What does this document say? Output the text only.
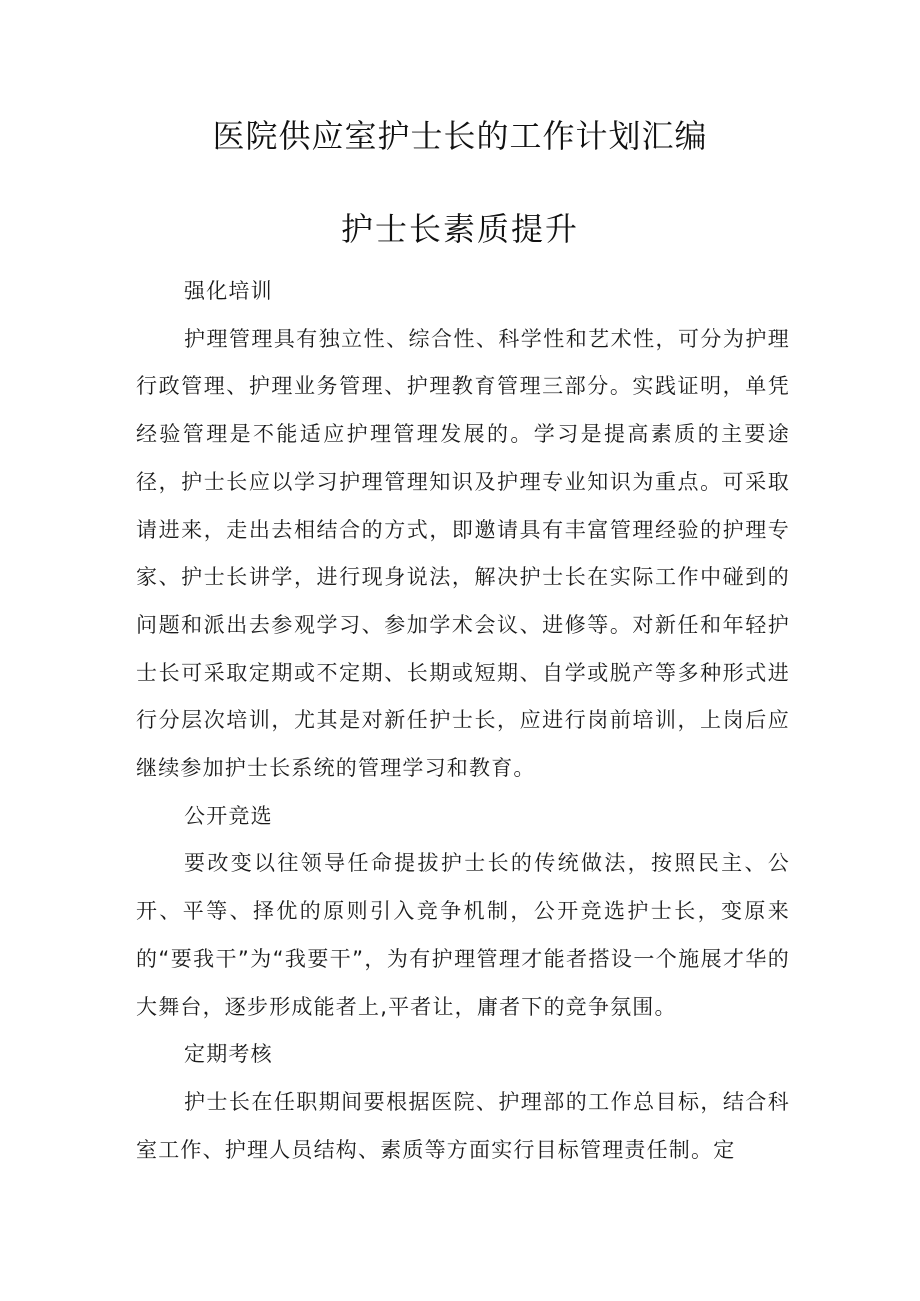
医院供应室护士长的工作计划汇编
护士长素质提升

强化培训

护理管理具有独立性、综合性、科学性和艺术性，可分为护理行政管理、护理业务管理、护理教育管理三部分。实践证明，单凭经验管理是不能适应护理管理发展的。学习是提高素质的主要途径，护士长应以学习护理管理知识及护理专业知识为重点。可采取请进来，走出去相结合的方式，即邀请具有丰富管理经验的护理专家、护士长讲学，进行现身说法，解决护士长在实际工作中碰到的问题和派出去参观学习、参加学术会议、进修等。对新任和年轻护士长可采取定期或不定期、长期或短期、自学或脱产等多种形式进行分层次培训，尤其是对新任护士长，应进行岗前培训，上岗后应继续参加护士长系统的管理学习和教育。

公开竞选

要改变以往领导任命提拔护士长的传统做法，按照民主、公开、平等、择优的原则引入竞争机制，公开竞选护士长，变原来的“要我干”为“我要干”，为有护理管理才能者搭设一个施展才华的大舞台，逐步形成能者上,平者让，庸者下的竞争氛围。

定期考核

护士长在任职期间要根据医院、护理部的工作总目标，结合科室工作、护理人员结构、素质等方面实行目标管理责任制。定
